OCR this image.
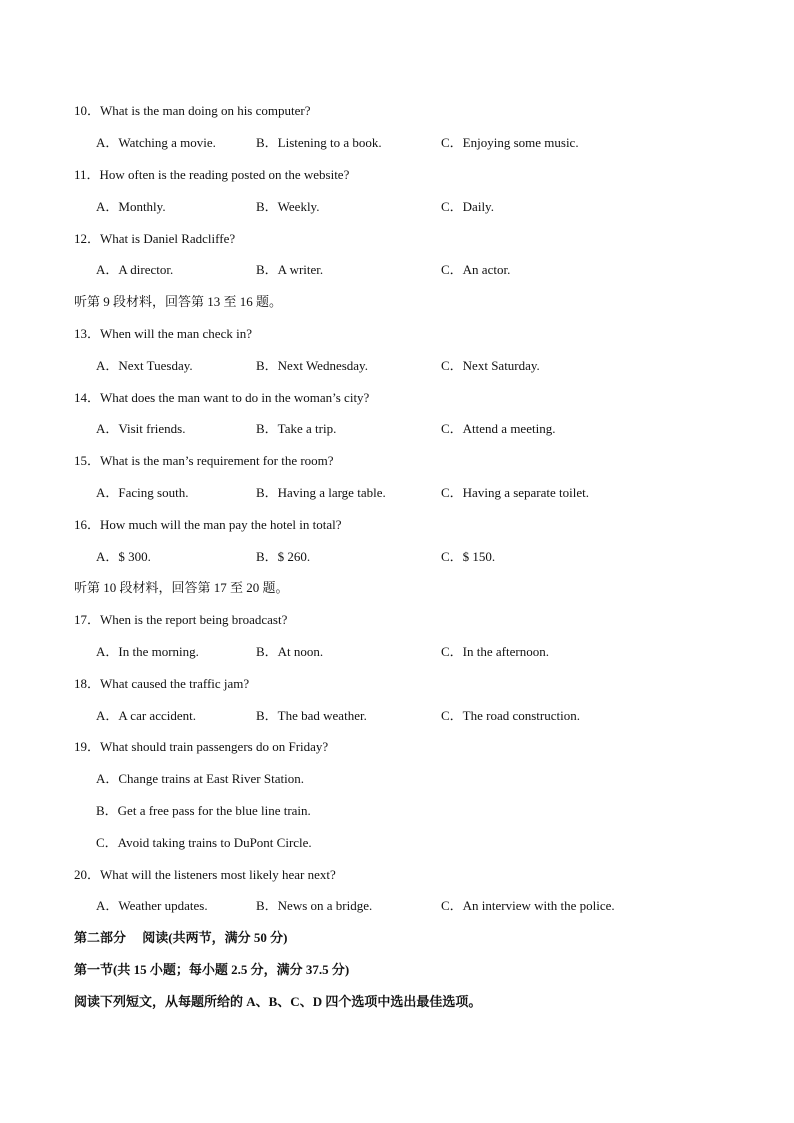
10．What is the man doing on his computer?
A．Watching a movie.	B．Listening to a book.	C．Enjoying some music.
11．How often is the reading posted on the website?
A．Monthly.	B．Weekly.	C．Daily.
12．What is Daniel Radcliffe?
A．A director.	B．A writer.	C．An actor.
听第 9 段材料，回答第 13 至 16 题。
13．When will the man check in?
A．Next Tuesday.	B．Next Wednesday.	C．Next Saturday.
14．What does the man want to do in the woman’s city?
A．Visit friends.	B．Take a trip.	C．Attend a meeting.
15．What is the man’s requirement for the room?
A．Facing south.	B．Having a large table.	C．Having a separate toilet.
16．How much will the man pay the hotel in total?
A．$ 300.	B．$ 260.	C．$ 150.
听第 10 段材料，回答第 17 至 20 题。
17．When is the report being broadcast?
A．In the morning.	B．At noon.	C．In the afternoon.
18．What caused the traffic jam?
A．A car accident.	B．The bad weather.	C．The road construction.
19．What should train passengers do on Friday?
A．Change trains at East River Station.
B．Get a free pass for the blue line train.
C．Avoid taking trains to DuPont Circle.
20．What will the listeners most likely hear next?
A．Weather updates.	B．News on a bridge.	C．An interview with the police.
第二部分　 阅读(共两节，满分 50 分)
第一节(共 15 小题；每小题 2.5 分，满分 37.5 分)
阅读下列短文，从每题所给的 A、B、C、D 四个选项中选出最佳选项。
